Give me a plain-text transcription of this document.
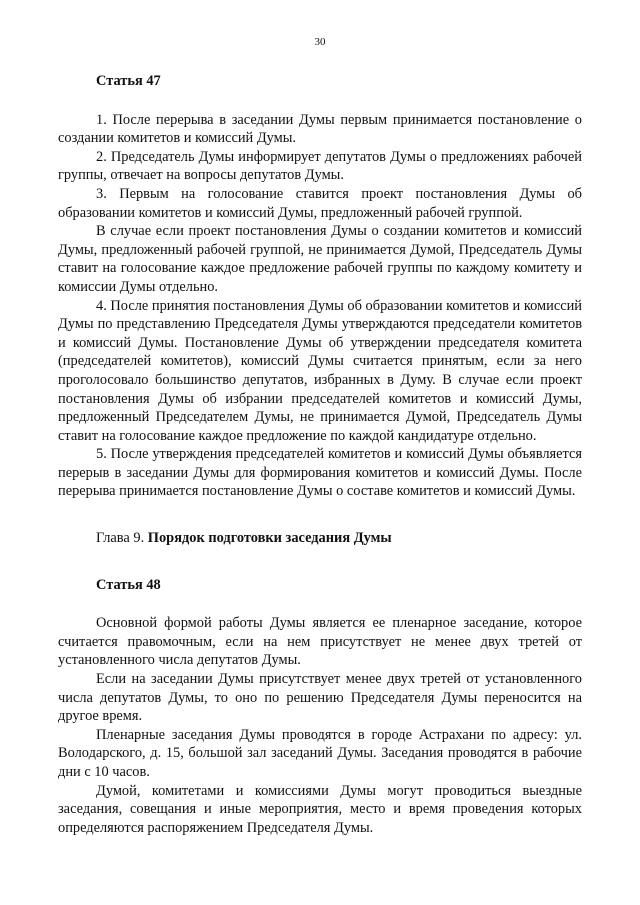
30

Статья 47

1. После перерыва в заседании Думы первым принимается постановление о создании комитетов и комиссий Думы.

2. Председатель Думы информирует депутатов Думы о предложениях рабочей группы, отвечает на вопросы депутатов Думы.

3. Первым на голосование ставится проект постановления Думы об образовании комитетов и комиссий Думы, предложенный рабочей группой.

В случае если проект постановления Думы о создании комитетов и комиссий Думы, предложенный рабочей группой, не принимается Думой, Председатель Думы ставит на голосование каждое предложение рабочей группы по каждому комитету и комиссии Думы отдельно.

4. После принятия постановления Думы об образовании комитетов и комиссий Думы по представлению Председателя Думы утверждаются председатели комитетов и комиссий Думы. Постановление Думы об утверждении председателя комитета (председателей комитетов), комиссий Думы считается принятым, если за него проголосовало большинство депутатов, избранных в Думу. В случае если проект постановления Думы об избрании председателей комитетов и комиссий Думы, предложенный Председателем Думы, не принимается Думой, Председатель Думы ставит на голосование каждое предложение по каждой кандидатуре отдельно.

5. После утверждения председателей комитетов и комиссий Думы объявляется перерыв в заседании Думы для формирования комитетов и комиссий Думы. После перерыва принимается постановление Думы о составе комитетов и комиссий Думы.

Глава 9. Порядок подготовки заседания Думы

Статья 48

Основной формой работы Думы является ее пленарное заседание, которое считается правомочным, если на нем присутствует не менее двух третей от установленного числа депутатов Думы.

Если на заседании Думы присутствует менее двух третей от установленного числа депутатов Думы, то оно по решению Председателя Думы переносится на другое время.

Пленарные заседания Думы проводятся в городе Астрахани по адресу: ул. Володарского, д. 15, большой зал заседаний Думы. Заседания проводятся в рабочие дни с 10 часов.

Думой, комитетами и комиссиями Думы могут проводиться выездные заседания, совещания и иные мероприятия, место и время проведения которых определяются распоряжением Председателя Думы.
